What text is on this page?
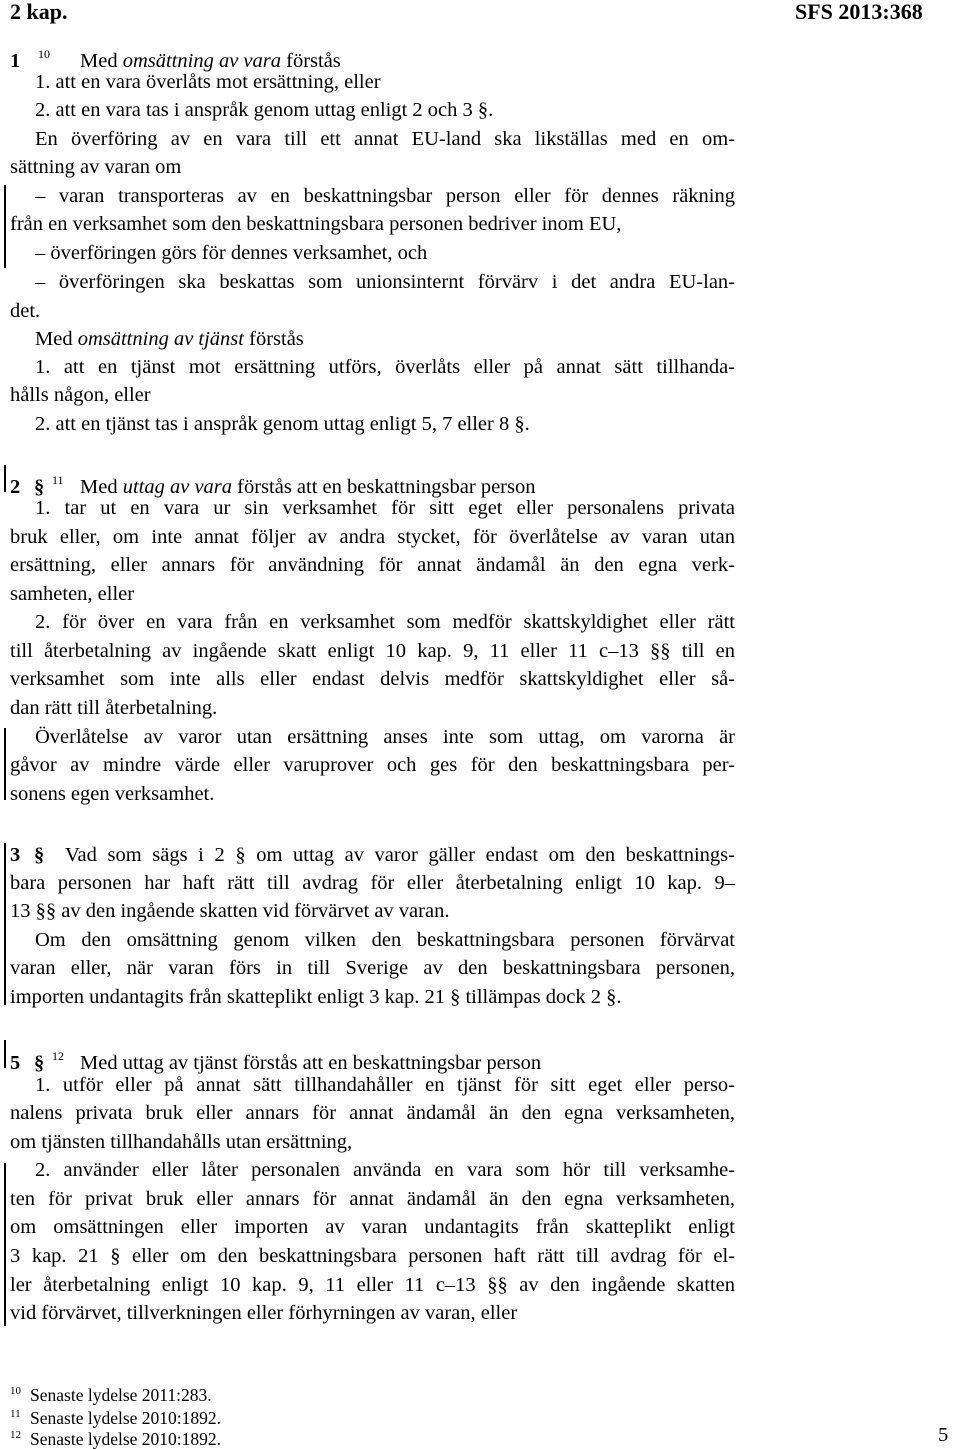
2 kap.	SFS 2013:368
1 10 Med omsättning av vara förstås
1. att en vara överlåts mot ersättning, eller
2. att en vara tas i anspråk genom uttag enligt 2 och 3 §.
En överföring av en vara till ett annat EU-land ska likställas med en om-
sättning av varan om
– varan transporteras av en beskattningsbar person eller för dennes räkning
från en verksamhet som den beskattningsbara personen bedriver inom EU,
– överföringen görs för dennes verksamhet, och
– överföringen ska beskattas som unionsinternt förvärv i det andra EU-lan-
det.
Med omsättning av tjänst förstås
1. att en tjänst mot ersättning utförs, överlåts eller på annat sätt tillhanda-
hålls någon, eller
2. att en tjänst tas i anspråk genom uttag enligt 5, 7 eller 8 §.
2 § 11 Med uttag av vara förstås att en beskattningsbar person
1. tar ut en vara ur sin verksamhet för sitt eget eller personalens privata
bruk eller, om inte annat följer av andra stycket, för överlåtelse av varan utan
ersättning, eller annars för användning för annat ändamål än den egna verk-
samheten, eller
2. för över en vara från en verksamhet som medför skattskyldighet eller rätt
till återbetalning av ingående skatt enligt 10 kap. 9, 11 eller 11 c–13 §§ till en
verksamhet som inte alls eller endast delvis medför skattskyldighet eller så-
dan rätt till återbetalning.
Överlåtelse av varor utan ersättning anses inte som uttag, om varorna är
gåvor av mindre värde eller varuprover och ges för den beskattningsbara per-
sonens egen verksamhet.
3 §	Vad som sägs i 2 § om uttag av varor gäller endast om den beskattnings-
bara personen har haft rätt till avdrag för eller återbetalning enligt 10 kap. 9–
13 §§ av den ingående skatten vid förvärvet av varan.
Om den omsättning genom vilken den beskattningsbara personen förvärvat
varan eller, när varan förs in till Sverige av den beskattningsbara personen,
importen undantagits från skatteplikt enligt 3 kap. 21 § tillämpas dock 2 §.
5 § 12 Med uttag av tjänst förstås att en beskattningsbar person
1. utför eller på annat sätt tillhandahåller en tjänst för sitt eget eller perso-
nalens privata bruk eller annars för annat ändamål än den egna verksamheten,
om tjänsten tillhandahålls utan ersättning,
2. använder eller låter personalen använda en vara som hör till verksamhe-
ten för privat bruk eller annars för annat ändamål än den egna verksamheten,
om omsättningen eller importen av varan undantagits från skatteplikt enligt
3 kap. 21 § eller om den beskattningsbara personen haft rätt till avdrag för el-
ler återbetalning enligt 10 kap. 9, 11 eller 11 c–13 §§ av den ingående skatten
vid förvärvet, tillverkningen eller förhyrningen av varan, eller
10 Senaste lydelse 2011:283.
11 Senaste lydelse 2010:1892.
12 Senaste lydelse 2010:1892.	5
